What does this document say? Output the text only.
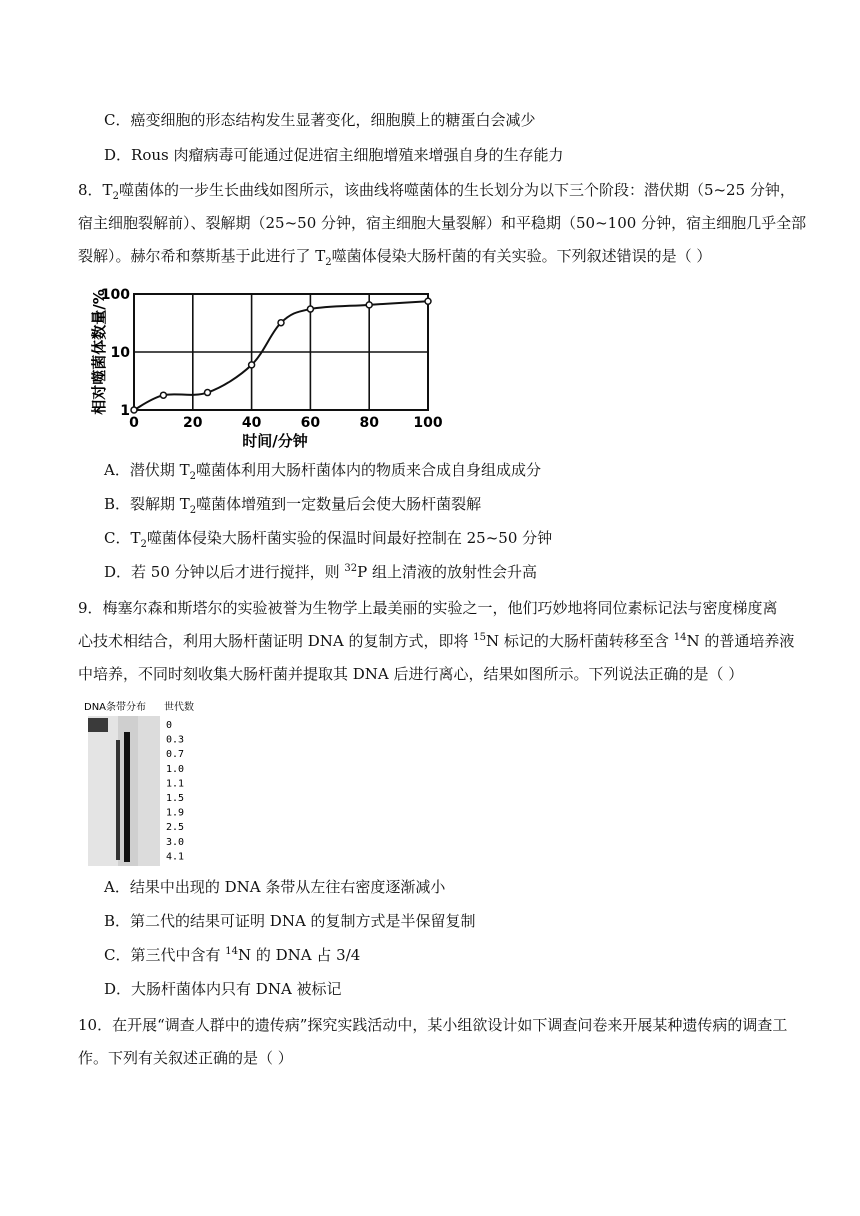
C．癌变细胞的形态结构发生显著变化，细胞膜上的糖蛋白会减少
D．Rous 肉瘤病毒可能通过促进宿主细胞增殖来增强自身的生存能力
8．$T_2$噬菌体的一步生长曲线如图所示，该曲线将噬菌体的生长划分为以下三个阶段：潜伏期（5~25 分钟，
宿主细胞裂解前）、裂解期（25~50 分钟，宿主细胞大量裂解）和平稳期（50~100 分钟，宿主细胞几乎全部
裂解）。赫尔希和蔡斯基于此进行了 $T_2$噬菌体侵染大肠杆菌的有关实验。下列叙述错误的是（ ）
0	20	40	60	80 100
1
10
100
时间/分钟
相对噬菌体数量/%
A．潜伏期 $T_2$噬菌体利用大肠杆菌体内的物质来合成自身组成成分
B．裂解期 $T_2$噬菌体增殖到一定数量后会使大肠杆菌裂解
C．$T_2$噬菌体侵染大肠杆菌实验的保温时间最好控制在 25~50 分钟
D．若 50 分钟以后才进行搅拌，则 $^{32}$P 组上清液的放射性会升高
9．梅塞尔森和斯塔尔的实验被誉为生物学上最美丽的实验之一，他们巧妙地将同位素标记法与密度梯度离
心技术相结合，利用大肠杆菌证明 DNA 的复制方式，即将 $^{15}$N 标记的大肠杆菌转移至含 $^{14}$N 的普通培养液
中培养，不同时刻收集大肠杆菌并提取其 DNA 后进行离心，结果如图所示。下列说法正确的是（ ）
DNA条带分布 世代数
0
0.3
0.7
1.0
1.1
1.5
1.9
2.5
3.0
4.1
A．结果中出现的 DNA 条带从左往右密度逐渐减小
B．第二代的结果可证明 DNA 的复制方式是半保留复制
C．第三代中含有 $^{14}$N 的 DNA 占 3/4
D．大肠杆菌体内只有 DNA 被标记
10．在开展“调查人群中的遗传病”探究实践活动中，某小组欲设计如下调查问卷来开展某种遗传病的调查工
作。下列有关叙述正确的是（ ）
